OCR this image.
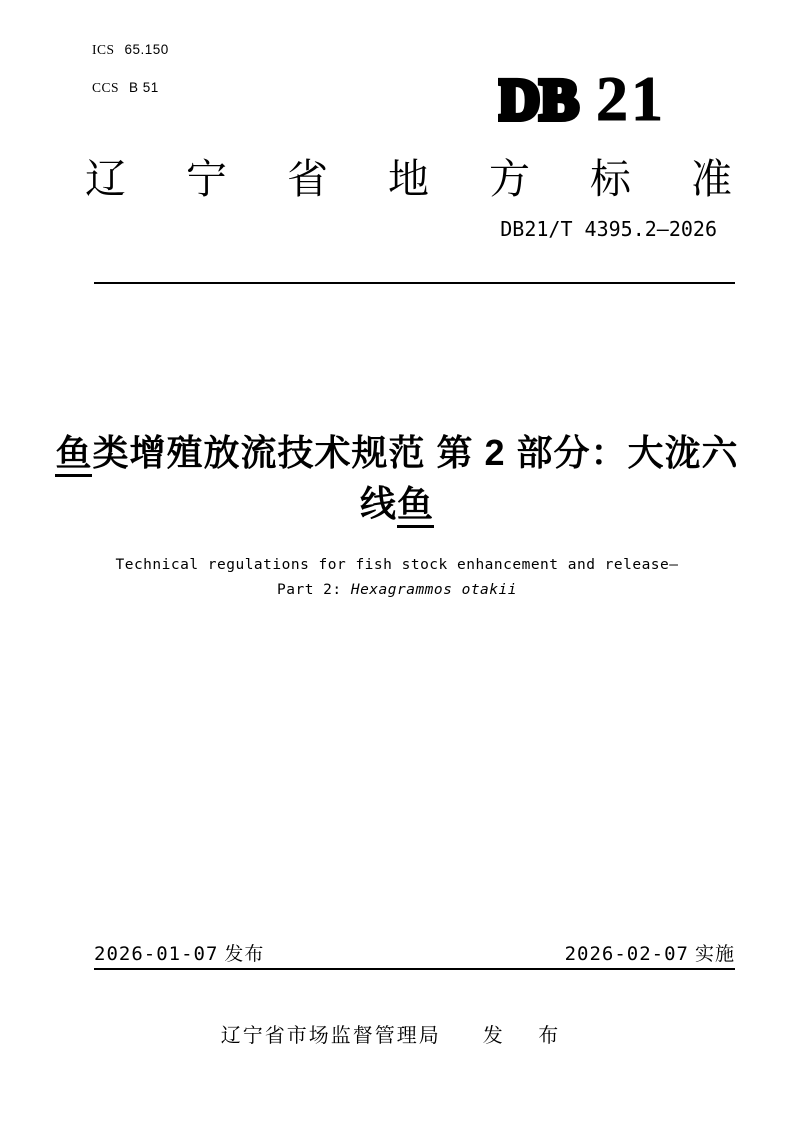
ICS 65.150
CCS B 51	DB 21
辽宁省地方标准
DB21/T 4395.2—2026
鱼类增殖放流技术规范 第 2 部分：大泷六
线鱼
Technical regulations for fish stock enhancement and release—
Part 2: Hexagrammos otakii
2026-01-07 发布	2026-02-07 实施
辽宁省市场监督管理局 发 布
